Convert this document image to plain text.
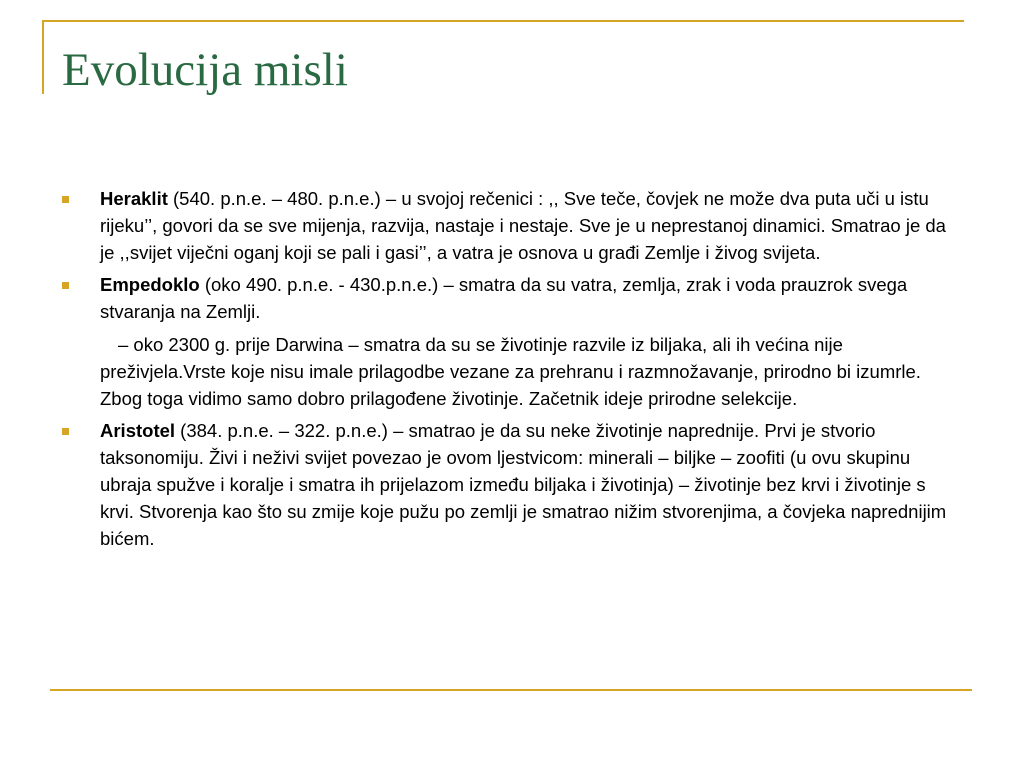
Evolucija misli
Heraklit (540. p.n.e. – 480. p.n.e.) – u svojoj rečenici : ,, Sve teče, čovjek ne može dva puta uči u istu rijeku’’, govori da se sve mijenja, razvija, nastaje i nestaje. Sve je u neprestanoj dinamici. Smatrao je da je ,,svijet viječni oganj koji se pali i gasi’’, a vatra je osnova u građi Zemlje i živog svijeta.
Empedoklo (oko 490. p.n.e. - 430.p.n.e.) – smatra da su vatra, zemlja, zrak i voda prauzrok svega stvaranja na Zemlji.
– oko 2300 g. prije Darwina – smatra da su se životinje razvile iz biljaka, ali ih većina nije preživjela.Vrste koje nisu imale prilagodbe vezane za prehranu i razmnožavanje, prirodno bi izumrle. Zbog toga vidimo samo dobro prilagođene životinje. Začetnik ideje prirodne selekcije.
Aristotel (384. p.n.e. – 322. p.n.e.) – smatrao je da su neke životinje naprednije. Prvi je stvorio taksonomiju. Živi i neživi svijet povezao je ovom ljestvicom: minerali – biljke – zoofiti (u ovu skupinu ubraja spužve i koralje i smatra ih prijelazom između biljaka i životinja) – životinje bez krvi i životinje s krvi. Stvorenja kao što su zmije koje pužu po zemlji je smatrao nižim stvorenjima, a čovjeka naprednijim bićem.
